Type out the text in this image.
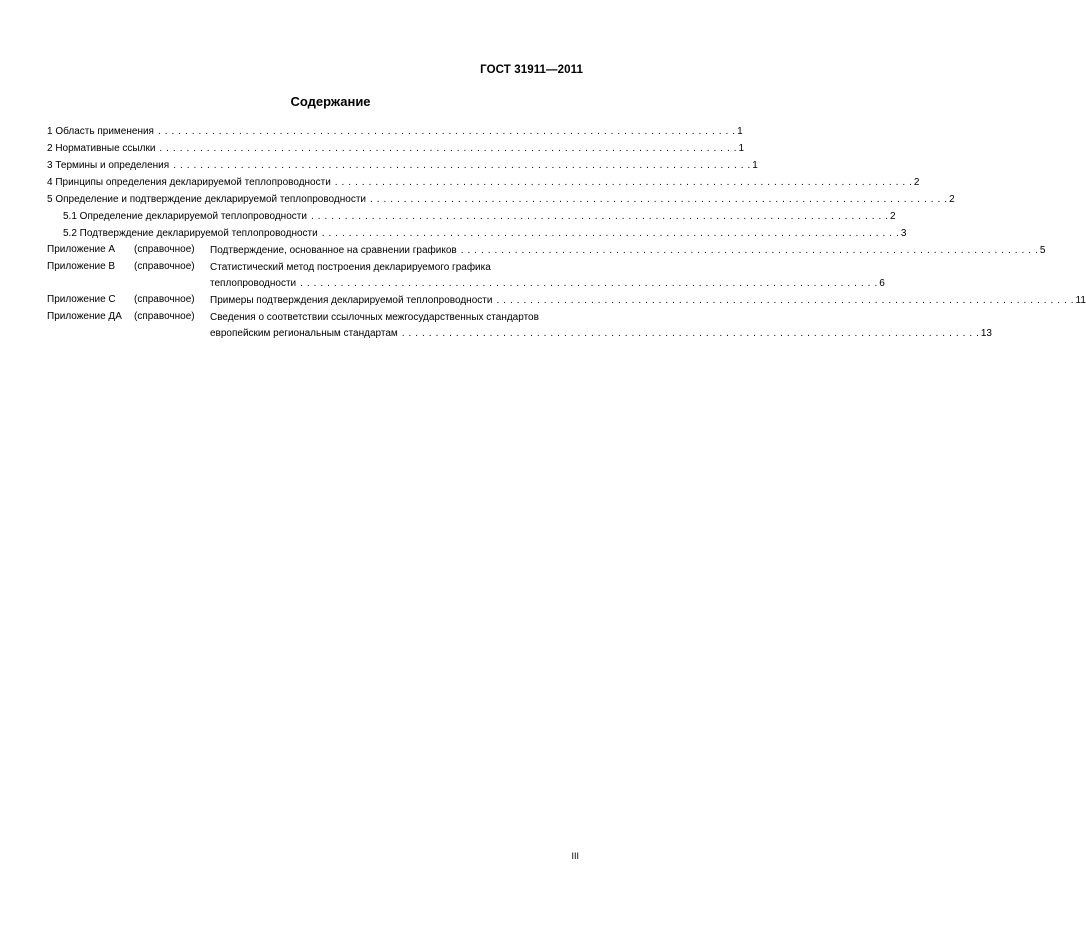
ГОСТ 31911—2011
Содержание
1 Область применения . . .	1
2 Нормативные ссылки . . .	1
3 Термины и определения . . .	1
4 Принципы определения декларируемой теплопроводности . . .	2
5 Определение и подтверждение декларируемой теплопроводности . . .	2
5.1 Определение декларируемой теплопроводности . . .	2
5.2 Подтверждение декларируемой теплопроводности . . .	3
Приложение А	(справочное)	Подтверждение, основанное на сравнении графиков . . .	5
Приложение В	(справочное)	Статистический метод построения декларируемого графика
теплопроводности . . .	6
Приложение С	(справочное)	Примеры подтверждения декларируемой теплопроводности . . .	11
Приложение ДА	(справочное)	Сведения о соответствии ссылочных межгосударственных стандартов
европейским региональным стандартам . . .	13
III
